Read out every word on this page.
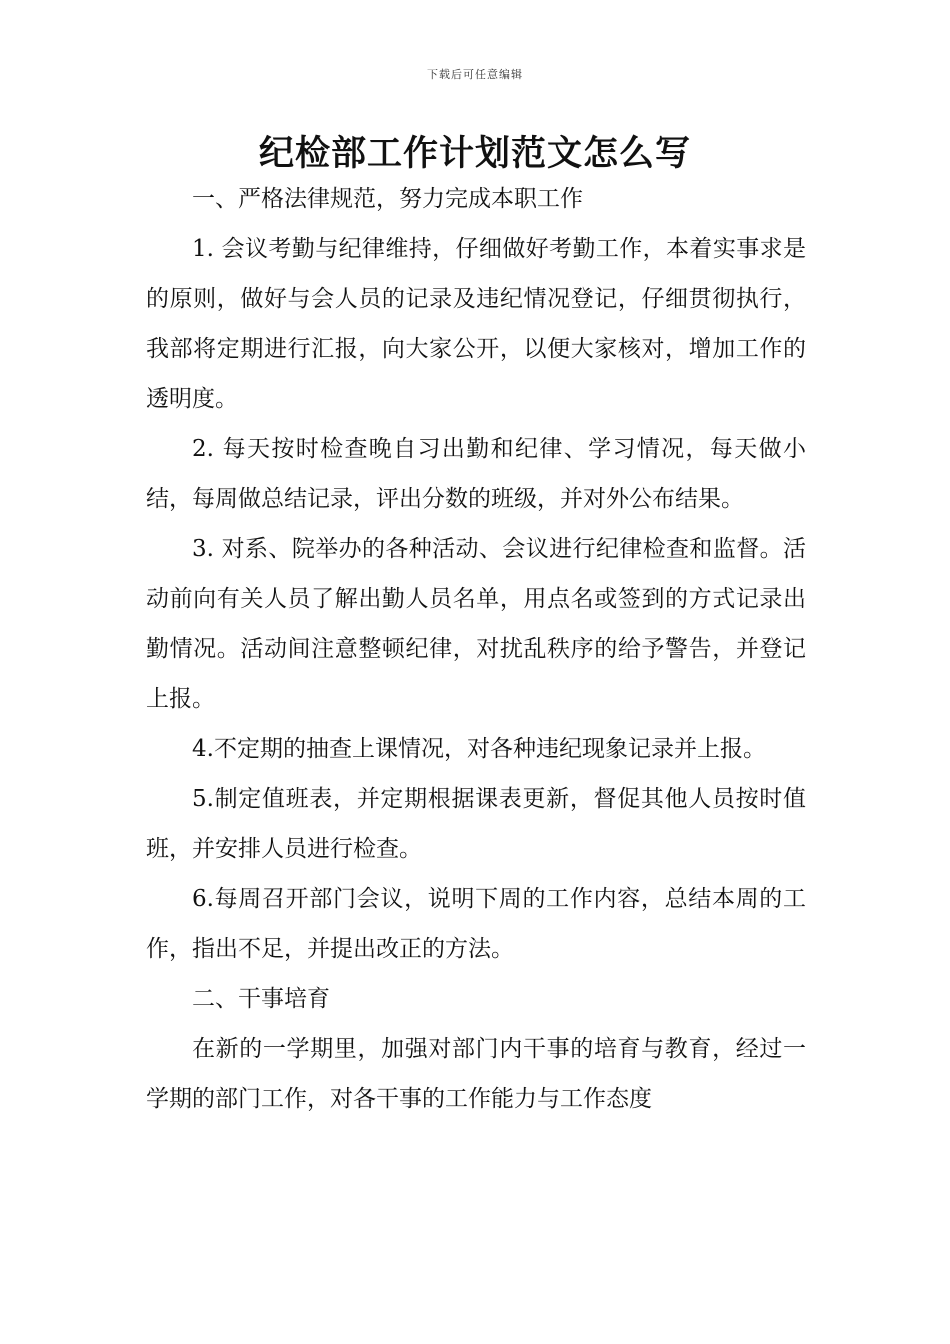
下载后可任意编辑
纪检部工作计划范文怎么写

一、严格法律规范，努力完成本职工作

1. 会议考勤与纪律维持，仔细做好考勤工作，本着实事求是的原则，做好与会人员的记录及违纪情况登记，仔细贯彻执行，我部将定期进行汇报，向大家公开，以便大家核对，增加工作的透明度。

2. 每天按时检查晚自习出勤和纪律、学习情况，每天做小结，每周做总结记录，评出分数的班级，并对外公布结果。

3. 对系、院举办的各种活动、会议进行纪律检查和监督。活动前向有关人员了解出勤人员名单，用点名或签到的方式记录出勤情况。活动间注意整顿纪律，对扰乱秩序的给予警告，并登记上报。

4.不定期的抽查上课情况，对各种违纪现象记录并上报。

5.制定值班表，并定期根据课表更新，督促其他人员按时值班，并安排人员进行检查。

6.每周召开部门会议，说明下周的工作内容，总结本周的工作，指出不足，并提出改正的方法。

二、干事培育

在新的一学期里，加强对部门内干事的培育与教育，经过一学期的部门工作，对各干事的工作能力与工作态度
